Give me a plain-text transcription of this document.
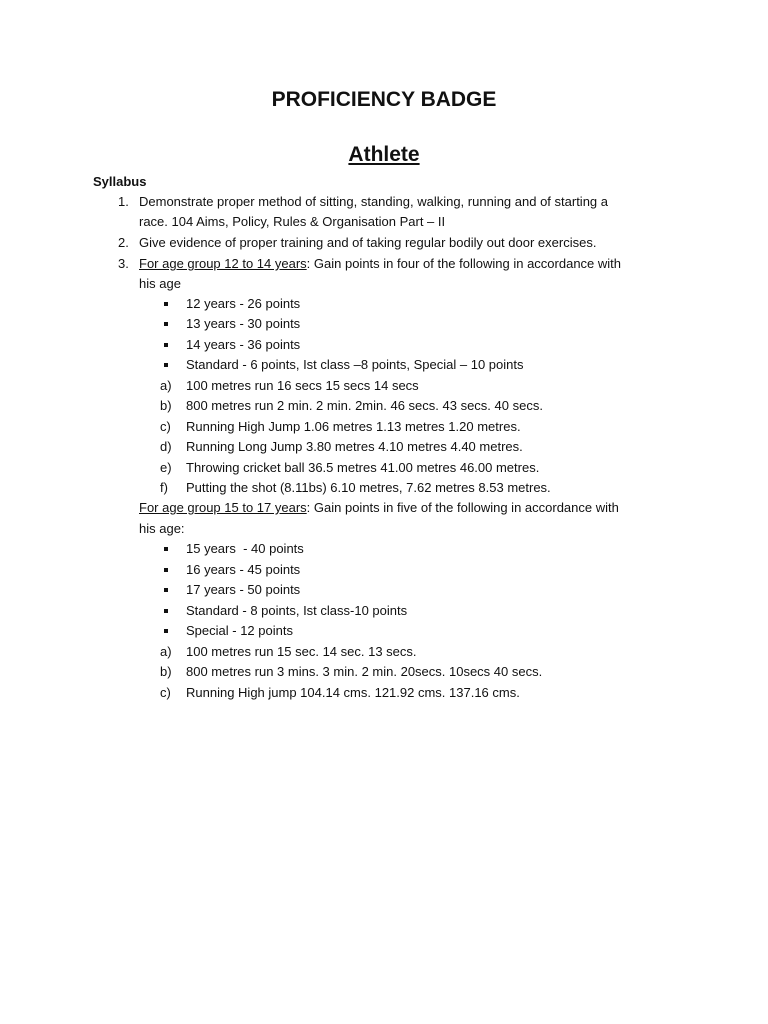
PROFICIENCY BADGE
Athlete
Syllabus
1. Demonstrate proper method of sitting, standing, walking, running and of starting a
race. 104 Aims, Policy, Rules & Organisation Part – II
2. Give evidence of proper training and of taking regular bodily out door exercises.
3. For age group 12 to 14 years: Gain points in four of the following in accordance with
his age
12 years - 26 points
13 years - 30 points
14 years - 36 points
Standard - 6 points, Ist class –8 points, Special – 10 points
a) 100 metres run 16 secs 15 secs 14 secs
b) 800 metres run 2 min. 2 min. 2min. 46 secs. 43 secs. 40 secs.
c) Running High Jump 1.06 metres 1.13 metres 1.20 metres.
d) Running Long Jump 3.80 metres 4.10 metres 4.40 metres.
e) Throwing cricket ball 36.5 metres 41.00 metres 46.00 metres.
f) Putting the shot (8.11bs) 6.10 metres, 7.62 metres 8.53 metres.
For age group 15 to 17 years: Gain points in five of the following in accordance with
his age:
15 years  - 40 points
16 years - 45 points
17 years - 50 points
Standard - 8 points, Ist class-10 points
Special - 12 points
a) 100 metres run 15 sec. 14 sec. 13 secs.
b) 800 metres run 3 mins. 3 min. 2 min. 20secs. 10secs 40 secs.
c) Running High jump 104.14 cms. 121.92 cms. 137.16 cms.
